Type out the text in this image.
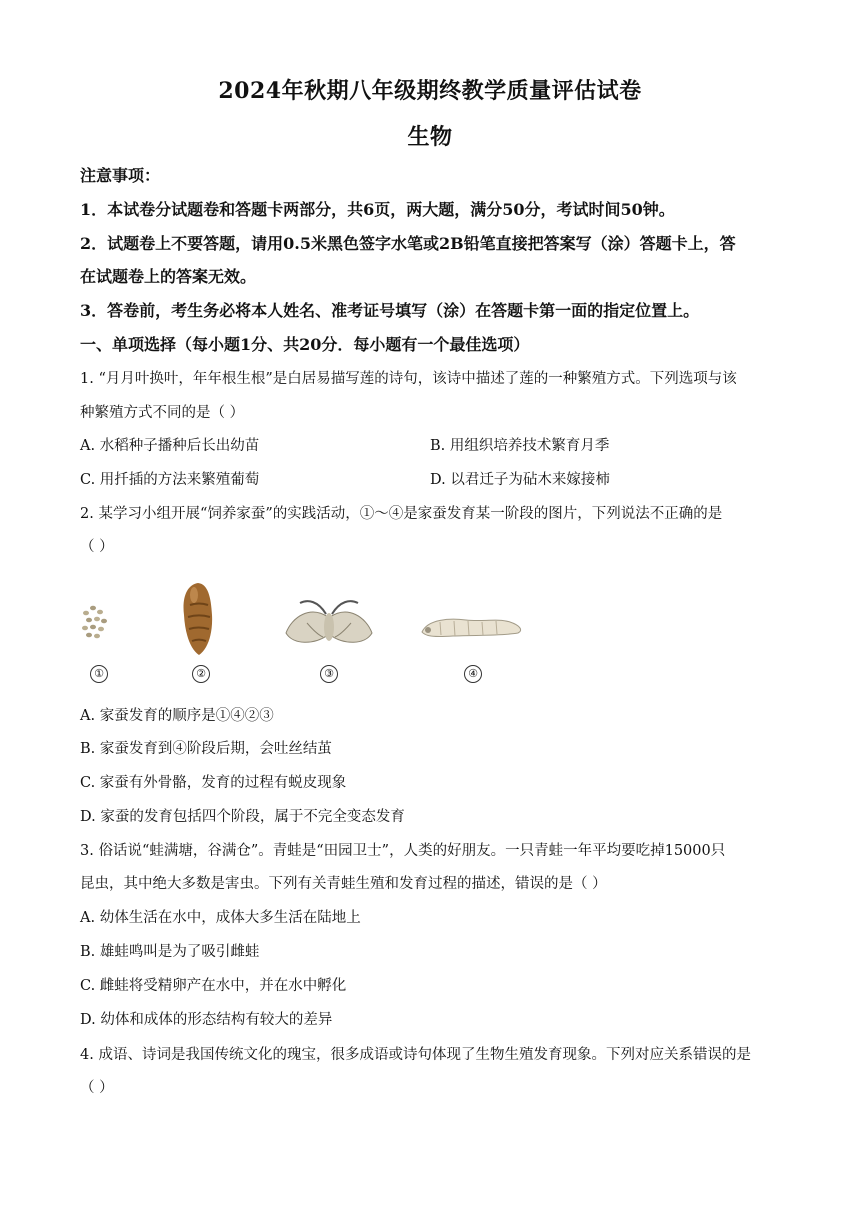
2024年秋期八年级期终教学质量评估试卷
生物
注意事项：
1．本试卷分试题卷和答题卡两部分，共6页，两大题，满分50分，考试时间50钟。
2．试题卷上不要答题，请用0.5米黑色签字水笔或2B铅笔直接把答案写（涂）答题卡上，答
在试题卷上的答案无效。
3．答卷前，考生务必将本人姓名、准考证号填写（涂）在答题卡第一面的指定位置上。
一、单项选择（每小题1分、共20分．每小题有一个最佳选项）
1. “月月叶换叶，年年根生根”是白居易描写莲的诗句，该诗中描述了莲的一种繁殖方式。下列选项与该
种繁殖方式不同的是（ ）
A. 水稻种子播种后长出幼苗	B. 用组织培养技术繁育月季
C. 用扦插的方法来繁殖葡萄	D. 以君迁子为砧木来嫁接柿
2. 某学习小组开展“饲养家蚕”的实践活动，①～④是家蚕发育某一阶段的图片，下列说法不正确的是
（ ）
①	②	③	④
A. 家蚕发育的顺序是①④②③
B. 家蚕发育到④阶段后期，会吐丝结茧
C. 家蚕有外骨骼，发育的过程有蜕皮现象
D. 家蚕的发育包括四个阶段，属于不完全变态发育
3. 俗话说“蛙满塘，谷满仓”。青蛙是“田园卫士”，人类的好朋友。一只青蛙一年平均要吃掉15000只
昆虫，其中绝大多数是害虫。下列有关青蛙生殖和发育过程的描述，错误的是（ ）
A. 幼体生活在水中，成体大多生活在陆地上
B. 雄蛙鸣叫是为了吸引雌蛙
C. 雌蛙将受精卵产在水中，并在水中孵化
D. 幼体和成体的形态结构有较大的差异
4. 成语、诗词是我国传统文化的瑰宝，很多成语或诗句体现了生物生殖发育现象。下列对应关系错误的是
（ ）
